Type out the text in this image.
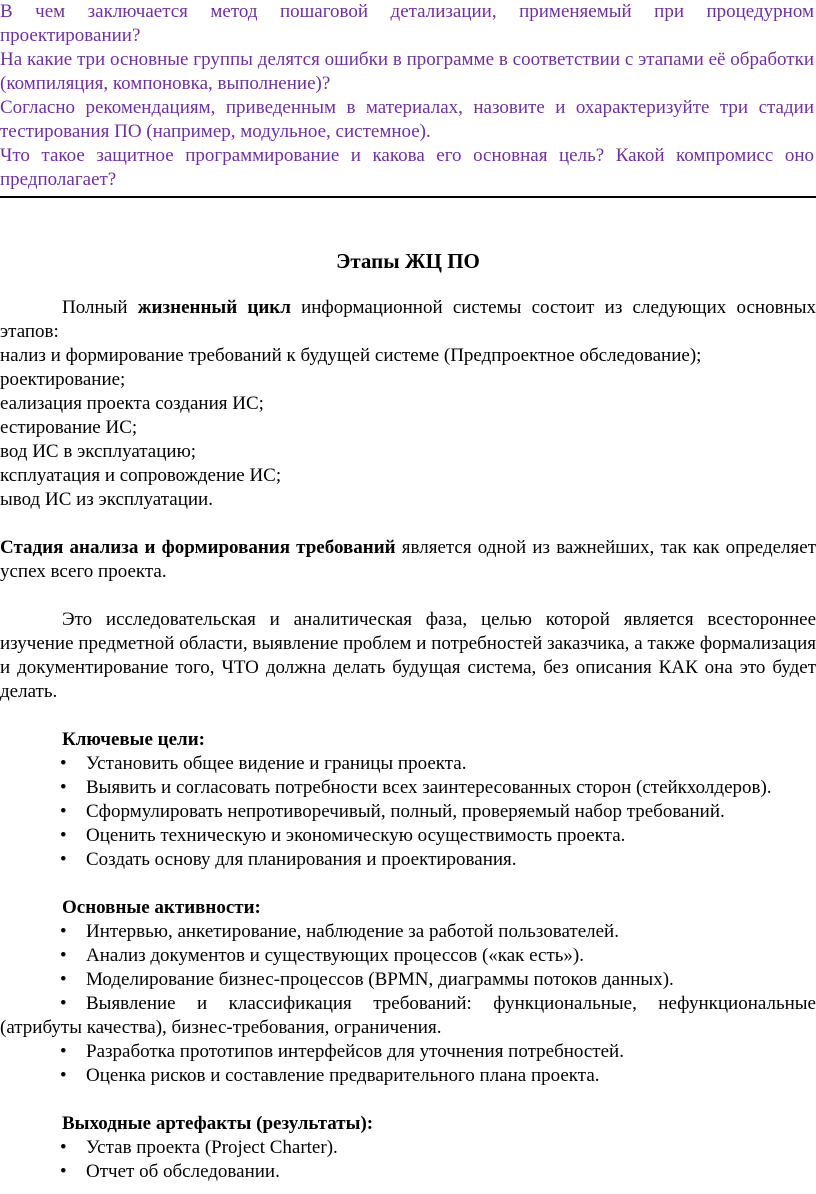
В чем заключается метод пошаговой детализации, применяемый при процедурном проектировании?

На какие три основные группы делятся ошибки в программе в соответствии с этапами её обработки (компиляция, компоновка, выполнение)?

Согласно рекомендациям, приведенным в материалах, назовите и охарактеризуйте три стадии тестирования ПО (например, модульное, системное).

Что такое защитное программирование и какова его основная цель? Какой компромисс оно предполагает?

Этапы ЖЦ ПО

Полный жизненный цикл информационной системы состоит из следующих основных этапов:

нализ и формирование требований к будущей системе (Предпроектное обследование);

роектирование;

еализация проекта создания ИС;

естирование ИС;

вод ИС в эксплуатацию;

ксплуатация и сопровождение ИС;

ывод ИС из эксплуатации.

Стадия анализа и формирования требований является одной из важнейших, так как определяет успех всего проекта.

Это исследовательская и аналитическая фаза, целью которой является всестороннее изучение предметной области, выявление проблем и потребностей заказчика, а также формализация и документирование того, ЧТО должна делать будущая система, без описания КАК она это будет делать.

Ключевые цели:

• Установить общее видение и границы проекта.

• Выявить и согласовать потребности всех заинтересованных сторон (стейкхолдеров).

• Сформулировать непротиворечивый, полный, проверяемый набор требований.

• Оценить техническую и экономическую осуществимость проекта.

• Создать основу для планирования и проектирования.

Основные активности:

• Интервью, анкетирование, наблюдение за работой пользователей.

• Анализ документов и существующих процессов («как есть»).

• Моделирование бизнес-процессов (BPMN, диаграммы потоков данных).

• Выявление и классификация требований: функциональные, нефункциональные (атрибуты качества), бизнес-требования, ограничения.

• Разработка прототипов интерфейсов для уточнения потребностей.

• Оценка рисков и составление предварительного плана проекта.

Выходные артефакты (результаты):

• Устав проекта (Project Charter).

• Отчет об обследовании.
